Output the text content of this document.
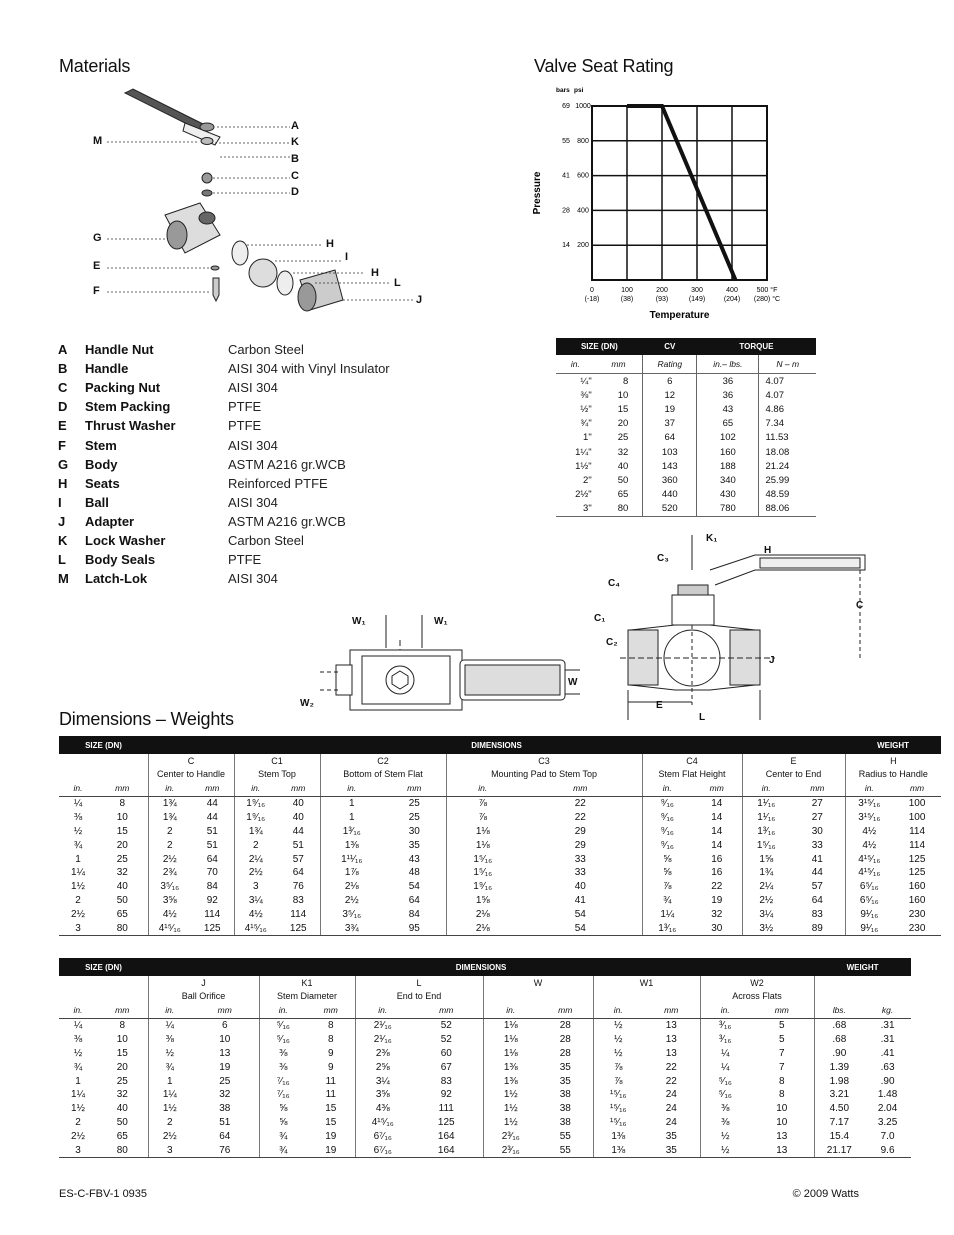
Materials	Valve Seat Rating
Dimensions – Weights
A
K
B
C
D
M
G
E
F
H
I
H
L
J
A	Handle Nut	Carbon Steel
B	Handle	AISI 304 with Vinyl Insulator
C	Packing Nut	AISI 304
D	Stem Packing	PTFE
E	Thrust Washer	PTFE
F	Stem	AISI 304
G	Body	ASTM A216 gr.WCB
H	Seats	Reinforced PTFE
I	Ball	AISI 304
J	Adapter	ASTM A216 gr.WCB
K	Lock Washer	Carbon Steel
L	Body Seals	PTFE
M	Latch-Lok	AISI 304
0
(-18)
100
(38)
200
(93)
300
(149)
400
(204)
500 °F
(280) °C
14 200
28 400
41 600
55 800
69 1000
bars psi
Temperature
Pressure
SIZE (DN)		CV	TORQUE	
in.	mm	Rating	in.– lbs.	N – m
¼"	8	6	36	4.07
⅜"	10	12	36	4.07
½"	15	19	43	4.86
¾"	20	37	65	7.34
1"	25	64	102	11.53
1¼"	32	103	160	18.08
1½"	40	143	188	21.24
2"	50	360	340	25.99
2½"	65	440	430	48.59
3"	80	520	780	88.06
W₁	W₁
W
W₂
K₁
H
C₃
C₄
C₁
C₂
C
J
E
L
SIZE (DN)		DIMENSIONS												WEIGHT	
		C		C1		C2		C3		C4		E		H	
		Center to Handle		Stem Top		Bottom of Stem Flat		Mounting Pad to Stem Top		Stem Flat Height		Center to End		Radius to Handle	
in.	mm	in.	mm	in.	mm	in.	mm	in.	mm	in.	mm	in.	mm	in.	mm
¼	8	1¾	44	1⁹⁄₁₆	40	1	25	⅞	22	⁹⁄₁₆	14	1¹⁄₁₆	27	3¹⁵⁄₁₆	100
⅜	10	1¾	44	1⁹⁄₁₆	40	1	25	⅞	22	⁹⁄₁₆	14	1¹⁄₁₆	27	3¹⁵⁄₁₆	100
½	15	2	51	1¾	44	1³⁄₁₆	30	1⅛	29	⁹⁄₁₆	14	1³⁄₁₆	30	4½	114
¾	20	2	51	2	51	1⅜	35	1⅛	29	⁹⁄₁₆	14	1⁵⁄₁₆	33	4½	114
1	25	2½	64	2¼	57	1¹¹⁄₁₆	43	1⁵⁄₁₆	33	⅝	16	1⅝	41	4¹⁵⁄₁₆	125
1¼	32	2¾	70	2½	64	1⅞	48	1⁵⁄₁₆	33	⅝	16	1¾	44	4¹⁵⁄₁₆	125
1½	40	3⁵⁄₁₆	84	3	76	2⅛	54	1⁹⁄₁₆	40	⅞	22	2¼	57	6⁵⁄₁₆	160
2	50	3⅝	92	3¼	83	2½	64	1⅝	41	¾	19	2½	64	6⁵⁄₁₆	160
2½	65	4½	114	4½	114	3⁵⁄₁₆	84	2⅛	54	1¼	32	3¼	83	9¹⁄₁₆	230
3	80	4¹⁵⁄₁₆	125	4¹⁵⁄₁₆	125	3¾	95	2⅛	54	1³⁄₁₆	30	3½	89	9¹⁄₁₆	230
SIZE (DN)		DIMENSIONS												WEIGHT	
		J		K1		L		W		W1		W2			
		Ball Orifice		Stem Diameter		End to End						Across Flats			
in.	mm	in.	mm	in.	mm	in.	mm	in.	mm	in.	mm	in.	mm	lbs.	kg.
¼	8	¼	6	⁵⁄₁₆	8	2¹⁄₁₆	52	1⅛	28	½	13	³⁄₁₆	5	.68	.31
⅜	10	⅜	10	⁵⁄₁₆	8	2¹⁄₁₆	52	1⅛	28	½	13	³⁄₁₆	5	.68	.31
½	15	½	13	⅜	9	2⅜	60	1⅛	28	½	13	¼	7	.90	.41
¾	20	¾	19	⅜	9	2⅝	67	1⅜	35	⅞	22	¼	7	1.39	.63
1	25	1	25	⁷⁄₁₆	11	3¼	83	1⅜	35	⅞	22	⁵⁄₁₆	8	1.98	.90
1¼	32	1¼	32	⁷⁄₁₆	11	3⅝	92	1½	38	¹⁵⁄₁₆	24	⁵⁄₁₆	8	3.21	1.48
1½	40	1½	38	⅝	15	4⅜	111	1½	38	¹⁵⁄₁₆	24	⅜	10	4.50	2.04
2	50	2	51	⅝	15	4¹⁵⁄₁₆	125	1½	38	¹⁵⁄₁₆	24	⅜	10	7.17	3.25
2½	65	2½	64	¾	19	6⁷⁄₁₆	164	2³⁄₁₆	55	1⅜	35	½	13	15.4	7.0
3	80	3	76	¾	19	6⁷⁄₁₆	164	2³⁄₁₆	55	1⅜	35	½	13	21.17	9.6
ES-C-FBV-1 0935	© 2009 Watts
